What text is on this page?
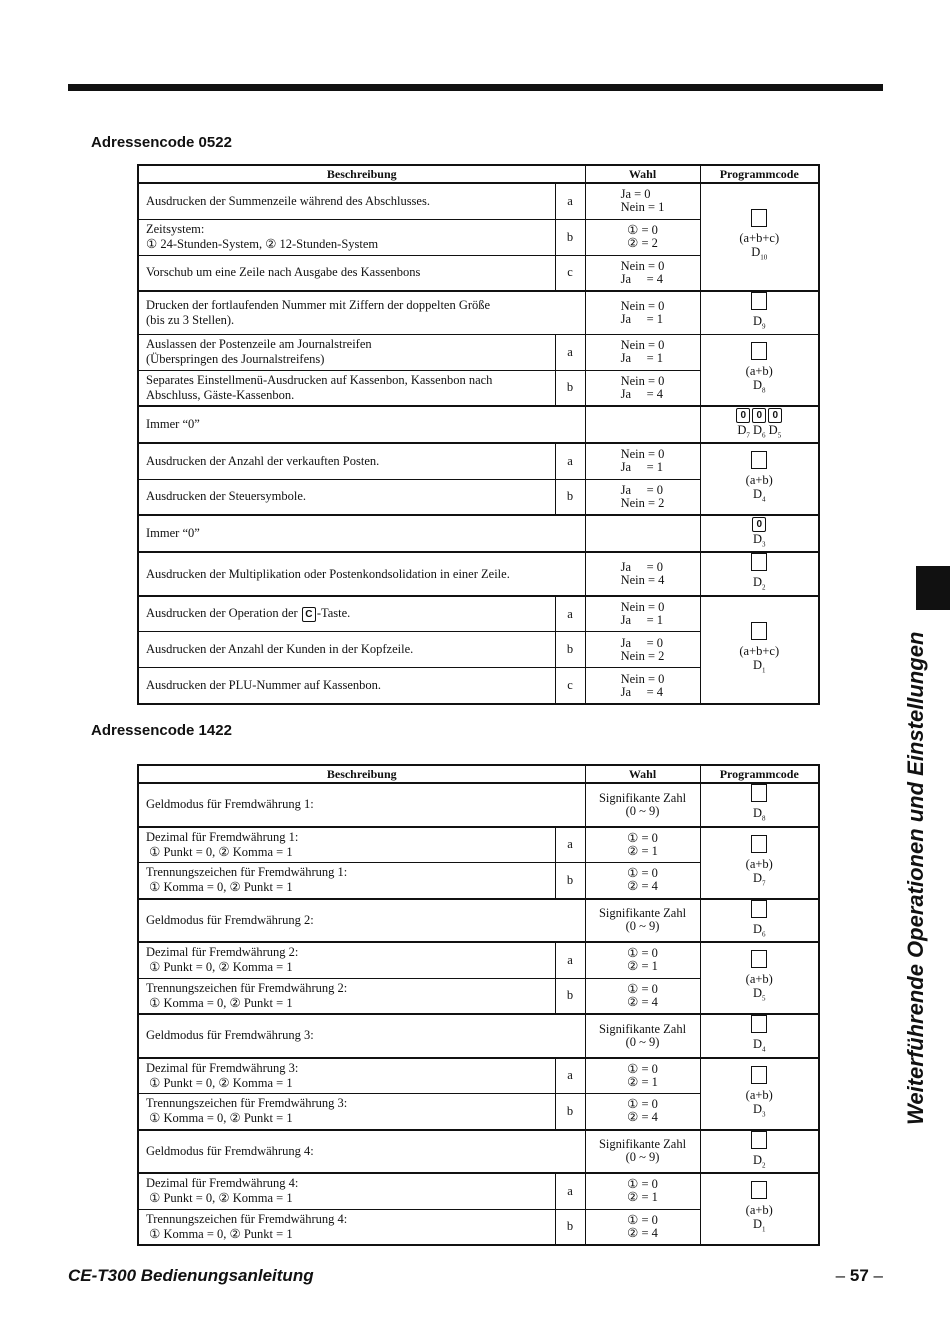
Adressencode 0522
Beschreibung		Wahl	Programmcode
Ausdrucken der Summenzeile während des Abschlusses.	a	Ja = 0
Nein = 1	(a+b+c)
$D_{10}$

Zeitsystem:
① 24-Stunden-System, ② 12-Stunden-System	b	① = 0
② = 2	
Vorschub um eine Zeile nach Ausgabe des Kassenbons	c	Nein = 0
Ja     = 4	
Drucken der fortlaufenden Nummer mit Ziffern der doppelten Größe
(bis zu 3 Stellen).		Nein = 0
Ja     = 1	$D_9$

Auslassen der Postenzeile am Journalstreifen
(Überspringen des Journalstreifens)	a	Nein = 0
Ja     = 1	(a+b)
$D_8$

Separates Einstellmenü-Ausdrucken auf Kassenbon, Kassenbon nach
Abschluss, Gäste-Kassenbon.	b	Nein = 0
Ja     = 4	
Immer “0”			0 0 0
$D_7$ $D_6$ $D_5$

Ausdrucken der Anzahl der verkauften Posten.	a	Nein = 0
Ja     = 1	(a+b)
$D_4$

Ausdrucken der Steuersymbole.	b	Ja     = 0
Nein = 2	
Immer “0”			0
$D_3$

Ausdrucken der Multiplikation oder Postenkondsolidation in einer Zeile.		Ja     = 0
Nein = 4	$D_2$

Ausdrucken der Operation der C -Taste.	a	Nein = 0
Ja     = 1	(a+b+c)
$D_1$

Ausdrucken der Anzahl der Kunden in der Kopfzeile.	b	Ja     = 0
Nein = 2	
Ausdrucken der PLU-Nummer auf Kassenbon.	c	Nein = 0
Ja     = 4	
Adressencode 1422
Beschreibung		Wahl	Programmcode
Geldmodus für Fremdwährung 1:		Signifikante Zahl
(0 ~ 9)	$D_8$

Dezimal für Fremdwährung 1:
① Punkt = 0, ② Komma = 1	a	① = 0
② = 1	(a+b)
$D_7$

Trennungszeichen für Fremdwährung 1:
① Komma = 0, ② Punkt = 1	b	① = 0
② = 4	
Geldmodus für Fremdwährung 2:		Signifikante Zahl
(0 ~ 9)	$D_6$

Dezimal für Fremdwährung 2:
① Punkt = 0, ② Komma = 1	a	① = 0
② = 1	(a+b)
$D_5$

Trennungszeichen für Fremdwährung 2:
① Komma = 0, ② Punkt = 1	b	① = 0
② = 4	
Geldmodus für Fremdwährung 3:		Signifikante Zahl
(0 ~ 9)	$D_4$

Dezimal für Fremdwährung 3:
① Punkt = 0, ② Komma = 1	a	① = 0
② = 1	(a+b)
$D_3$

Trennungszeichen für Fremdwährung 3:
① Komma = 0, ② Punkt = 1	b	① = 0
② = 4	
Geldmodus für Fremdwährung 4:		Signifikante Zahl
(0 ~ 9)	$D_2$

Dezimal für Fremdwährung 4:
① Punkt = 0, ② Komma = 1	a	① = 0
② = 1	(a+b)
$D_1$

Trennungszeichen für Fremdwährung 4:
① Komma = 0, ② Punkt = 1	b	① = 0
② = 4	
Weiterführende Operationen und Einstellungen
CE-T300 Bedienungsanleitung	– 57 –
